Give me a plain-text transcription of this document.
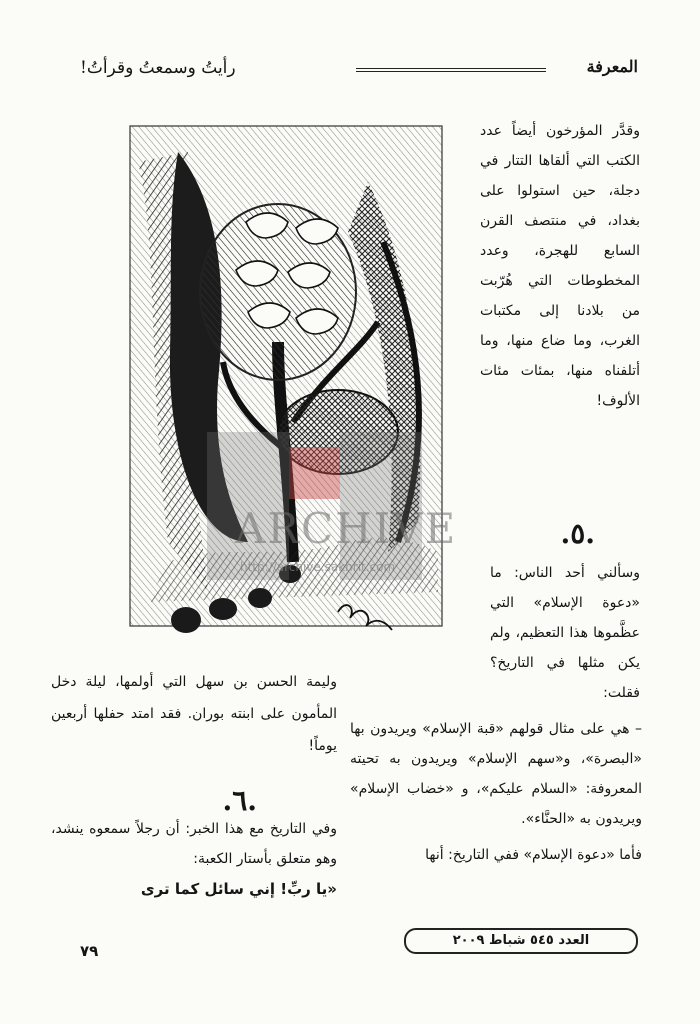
رأيتُ وسمعتُ وقرأتُ!	المعرفة
ARCHIVE
http://archive.sakhrit.com

وقدَّر المؤرخون أيضاً عدد الكتب التي ألقاها التتار في دجلة، حين استولوا على بغداد، في منتصف القرن السابع للهجرة، وعدد المخطوطات التي هُرّبت من بلادنا إلى مكتبات الغرب، وما ضاع منها، وما أتلفناه منها، بمئات مئات الألوف!

.٥.

وسألني أحد الناس: ما «دعوة الإسلام» التي عظَّموها هذا التعظيم، ولم يكن مثلها في التاريخ؟ فقلت:

– هي على مثال قولهم «قبة الإسلام» ويريدون بها «البصرة»، و«سهم الإسلام» ويريدون به تحيته المعروفة: «السلام عليكم»، و «خضاب الإسلام» ويريدون به «الحنَّاء».

فأما «دعوة الإسلام» ففي التاريخ: أنها

وليمة الحسن بن سهل التي أولمها، ليلة دخل المأمون على ابنته بوران. فقد امتد حفلها أربعين يوماً!

.٦.

وفي التاريخ مع هذا الخبر: أن رجلاً سمعوه ينشد، وهو متعلق بأستار الكعبة:

«يا ربِّ! إني سائل كما ترى
٧٩
العدد ٥٤٥ شباط ٢٠٠٩
